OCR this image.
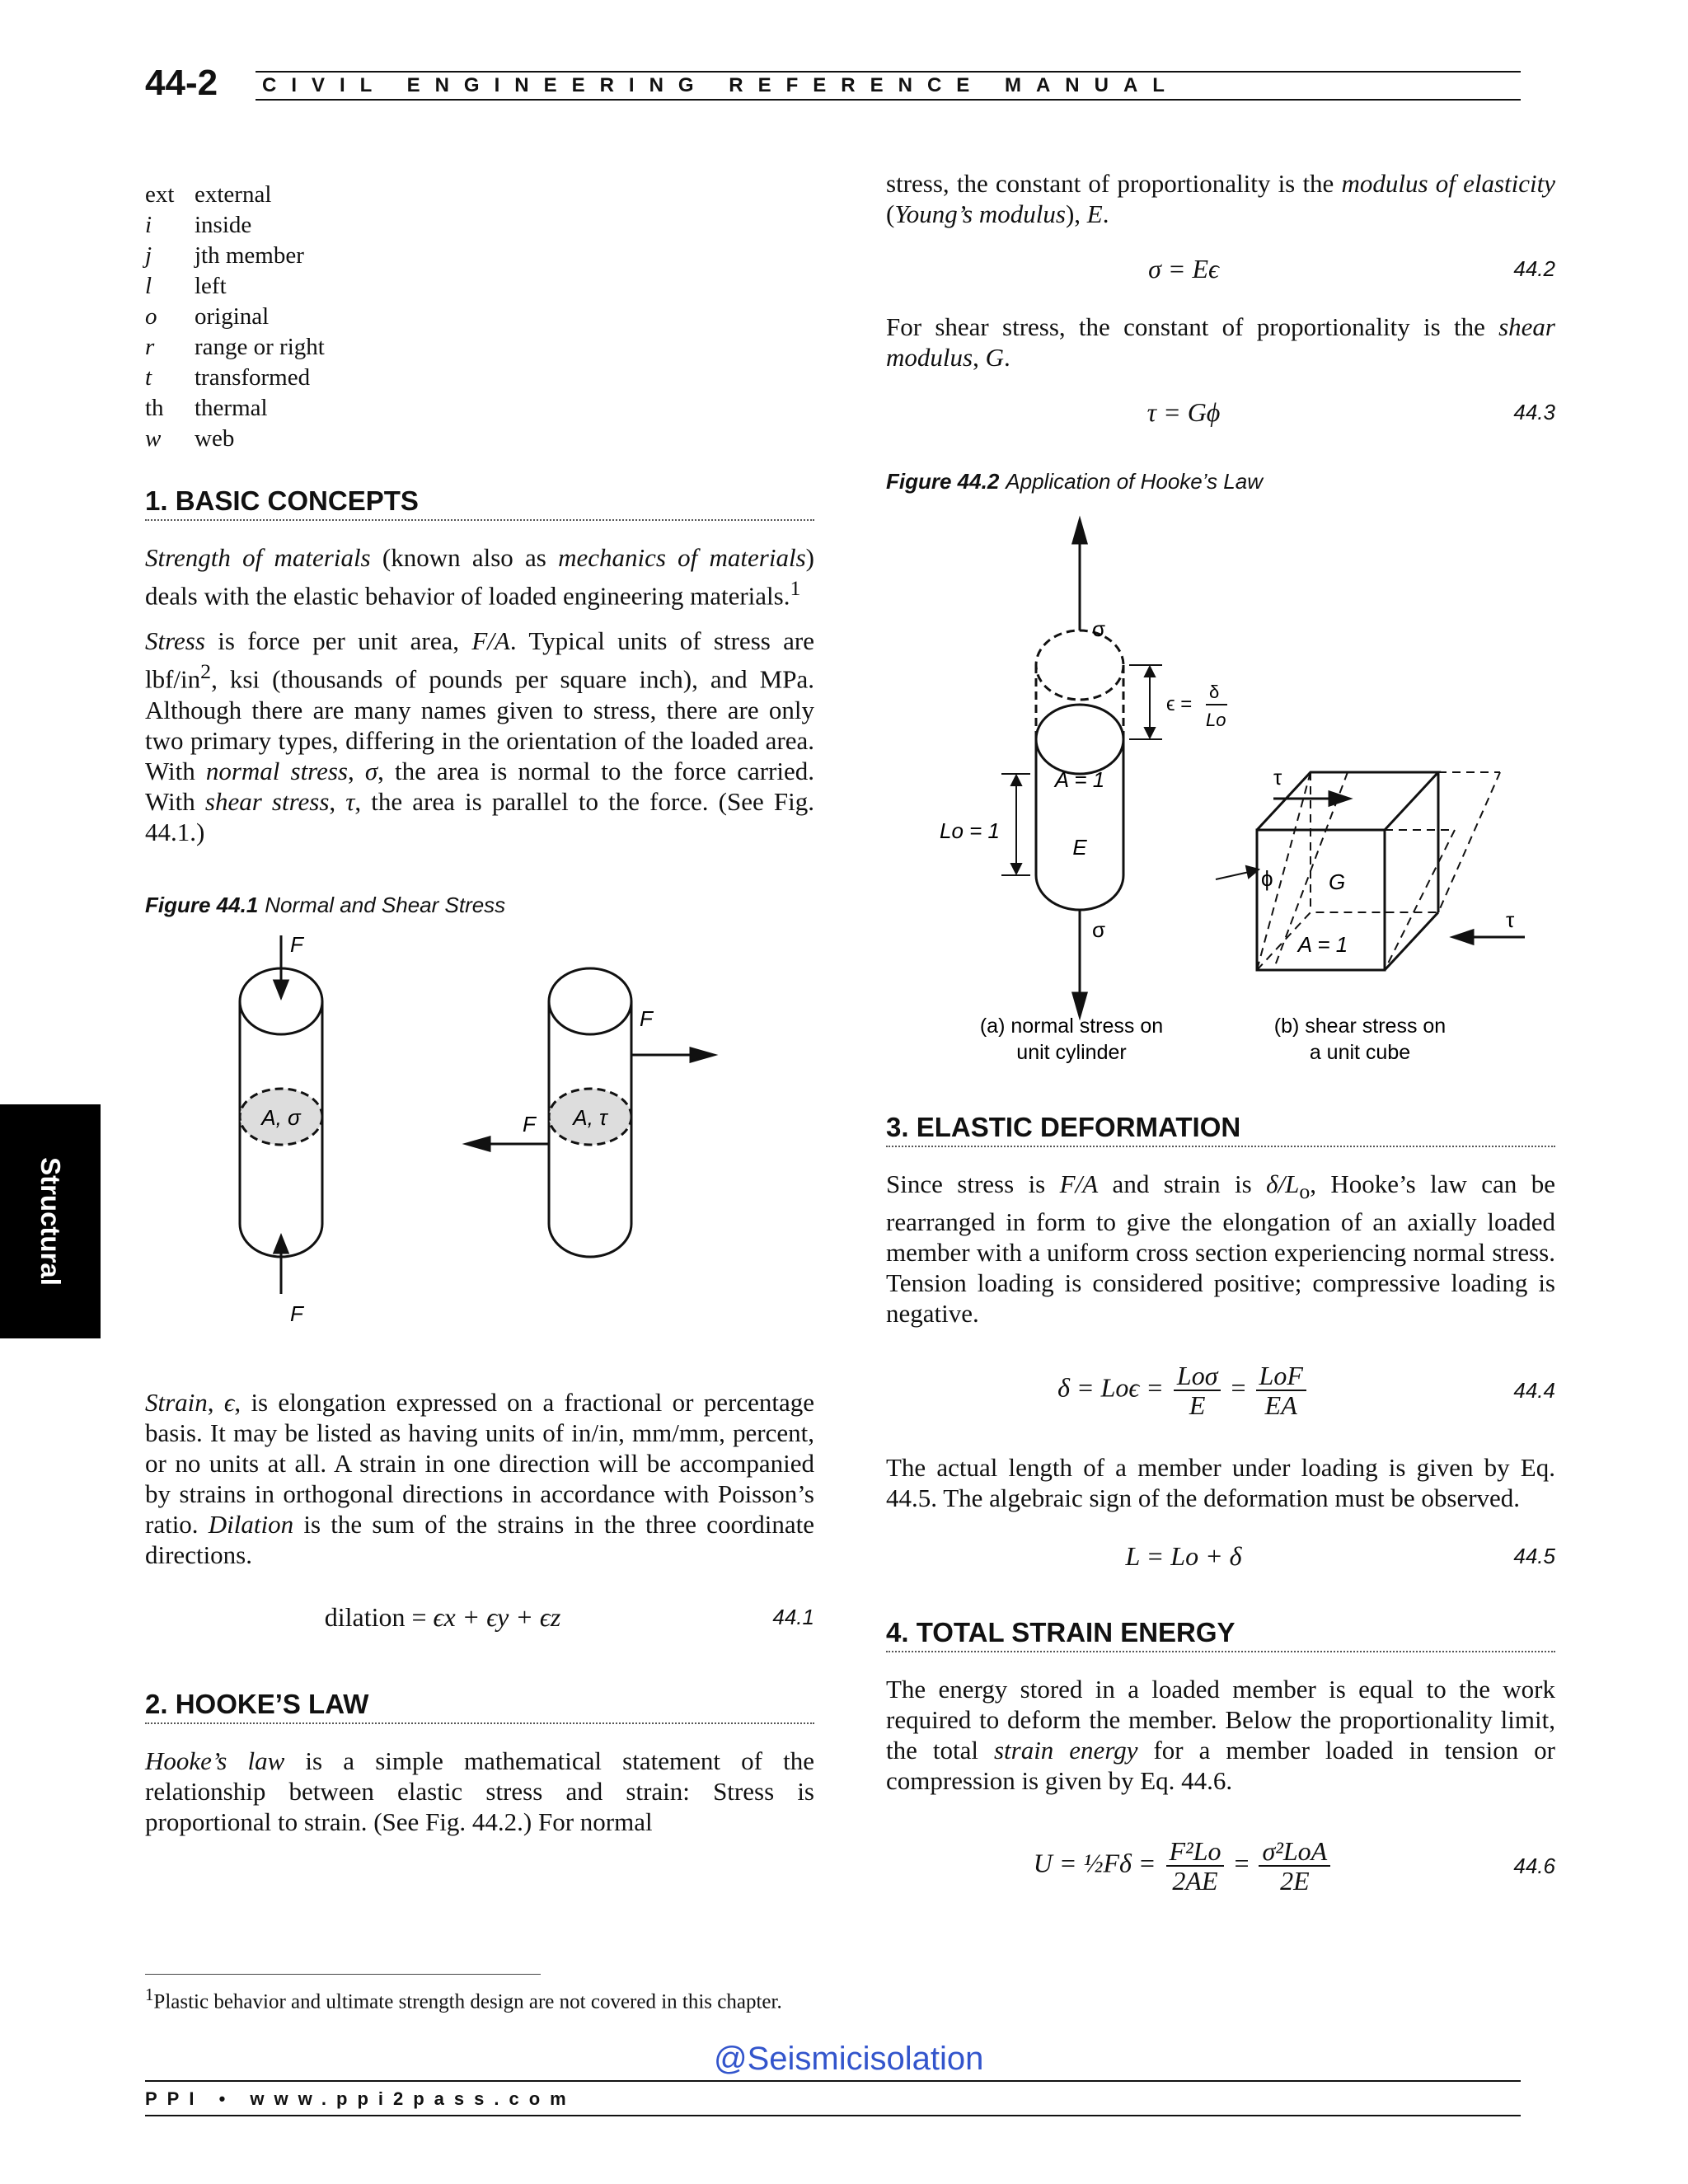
44-2 CIVIL ENGINEERING REFERENCE MANUAL
Structural
ext external
i	inside
j	jth member
l	left
o	original
r	range or right
t	transformed
th	thermal
w	web
1. BASIC CONCEPTS

Strength of materials (known also as mechanics of materials) deals with the elastic behavior of loaded engineering materials.$^1$

Stress is force per unit area, F/A. Typical units of stress are lbf/$in^2$, ksi (thousands of pounds per square inch), and MPa. Although there are many names given to stress, there are only two primary types, differing in the orientation of the loaded area. With normal stress, σ, the area is normal to the force carried. With shear stress, τ, the area is parallel to the force. (See Fig. 44.1.)

Figure 44.1 Normal and Shear Stress
F
F
A, σ
F
F A, τ

Strain, ϵ, is elongation expressed on a fractional or percentage basis. It may be listed as having units of in/in, mm/mm, percent, or no units at all. A strain in one direction will be accompanied by strains in orthogonal directions in accordance with Poisson’s ratio. Dilation is the sum of the strains in the three coordinate directions.

dilation = ϵx + ϵy + ϵz	44.1
2. HOOKE’S LAW

Hooke’s law is a simple mathematical statement of the relationship between elastic stress and strain: Stress is proportional to strain. (See Fig. 44.2.) For normal

stress, the constant of proportionality is the modulus of elasticity (Young’s modulus), E.

σ = Eϵ	44.2

For shear stress, the constant of proportionality is the shear modulus, G.

τ = Gϕ	44.3
Figure 44.2 Application of Hooke’s Law
σ
σ
A = 1
E
Lo = 1
ϵ =
δ
Lo
τ
τ
ϕ	G
A = 1
(a) normal stress on
unit cylinder
(b) shear stress on
a unit cube
3. ELASTIC DEFORMATION

Since stress is F/A and strain is $\delta/L_o$, Hooke’s law can be rearranged in form to give the elongation of an axially loaded member with a uniform cross section experiencing normal stress. Tension loading is considered positive; compressive loading is negative.

$\delta = Lo\epsilon = \frac{\text{Loσ}}{E} = \frac{\text{LoF}}{EA}$	44.4

The actual length of a member under loading is given by Eq. 44.5. The algebraic sign of the deformation must be observed.

L = Lo + δ	44.5
4. TOTAL STRAIN ENERGY

The energy stored in a loaded member is equal to the work required to deform the member. Below the proportionality limit, the total strain energy for a member loaded in tension or compression is given by Eq. 44.6.

U = ½Fδ = $\frac{\text{F²Lo}}{2AE} = \frac{\text{σ²LoA}}{2E}$	44.6
$^1$Plastic behavior and ultimate strength design are not covered in this chapter.
@Seismicisolation
PPI • www.ppi2pass.com
